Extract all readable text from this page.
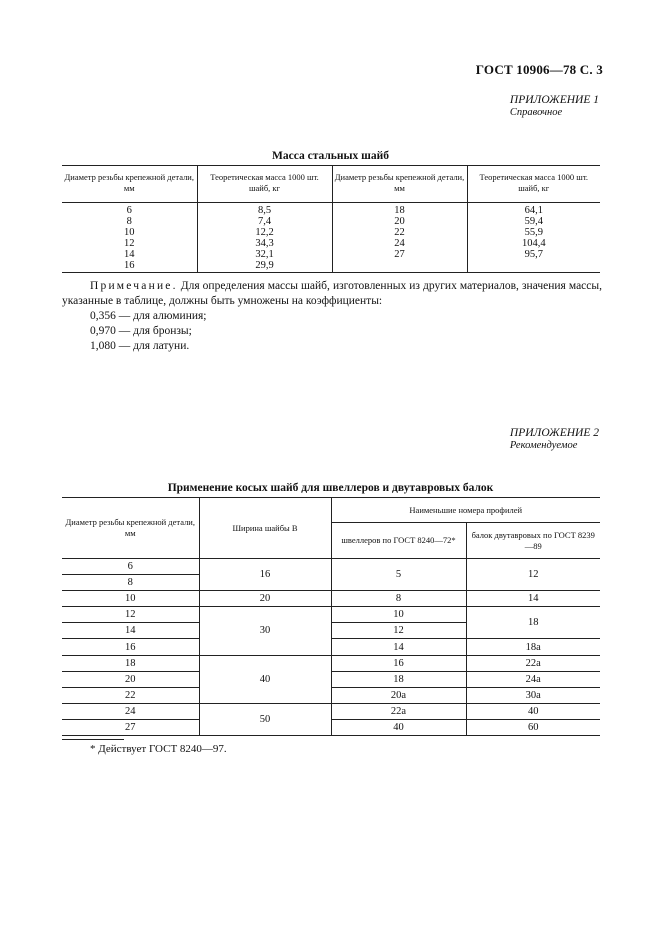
ГОСТ 10906—78 С. 3
ПРИЛОЖЕНИЕ 1
Справочное
Масса стальных шайб
Диаметр резьбы крепежной детали, мм	Теоретическая масса 1000 шт. шайб, кг	Диаметр резьбы крепежной детали, мм	Теоретическая масса 1000 шт. шайб, кг
6	8,5	18	64,1
8	7,4	20	59,4
10	12,2	22	55,9
12	34,3	24	104,4
14	32,1	27	95,7
16	29,9		
Примечание. Для определения массы шайб, изготовленных из других материалов, значения массы, указанные в таблице, должны быть умножены на коэффициенты:
0,356 — для алюминия;
0,970 — для бронзы;
1,080 — для латуни.
ПРИЛОЖЕНИЕ 2
Рекомендуемое
Применение косых шайб для швеллеров и двутавровых балок
Диаметр резьбы крепежной детали, мм	Ширина шайбы B	Наименьшие номера профилей	
		швеллеров по ГОСТ 8240—72*	балок двутавровых по ГОСТ 8239—89
6	16	5	12
8			
10	20	8	14
12	30	10	18
14		12	
16		14	18а
18	40	16	22а
20		18	24а
22		20а	30а
24	50	22а	40
27		40	60
* Действует ГОСТ 8240—97.
